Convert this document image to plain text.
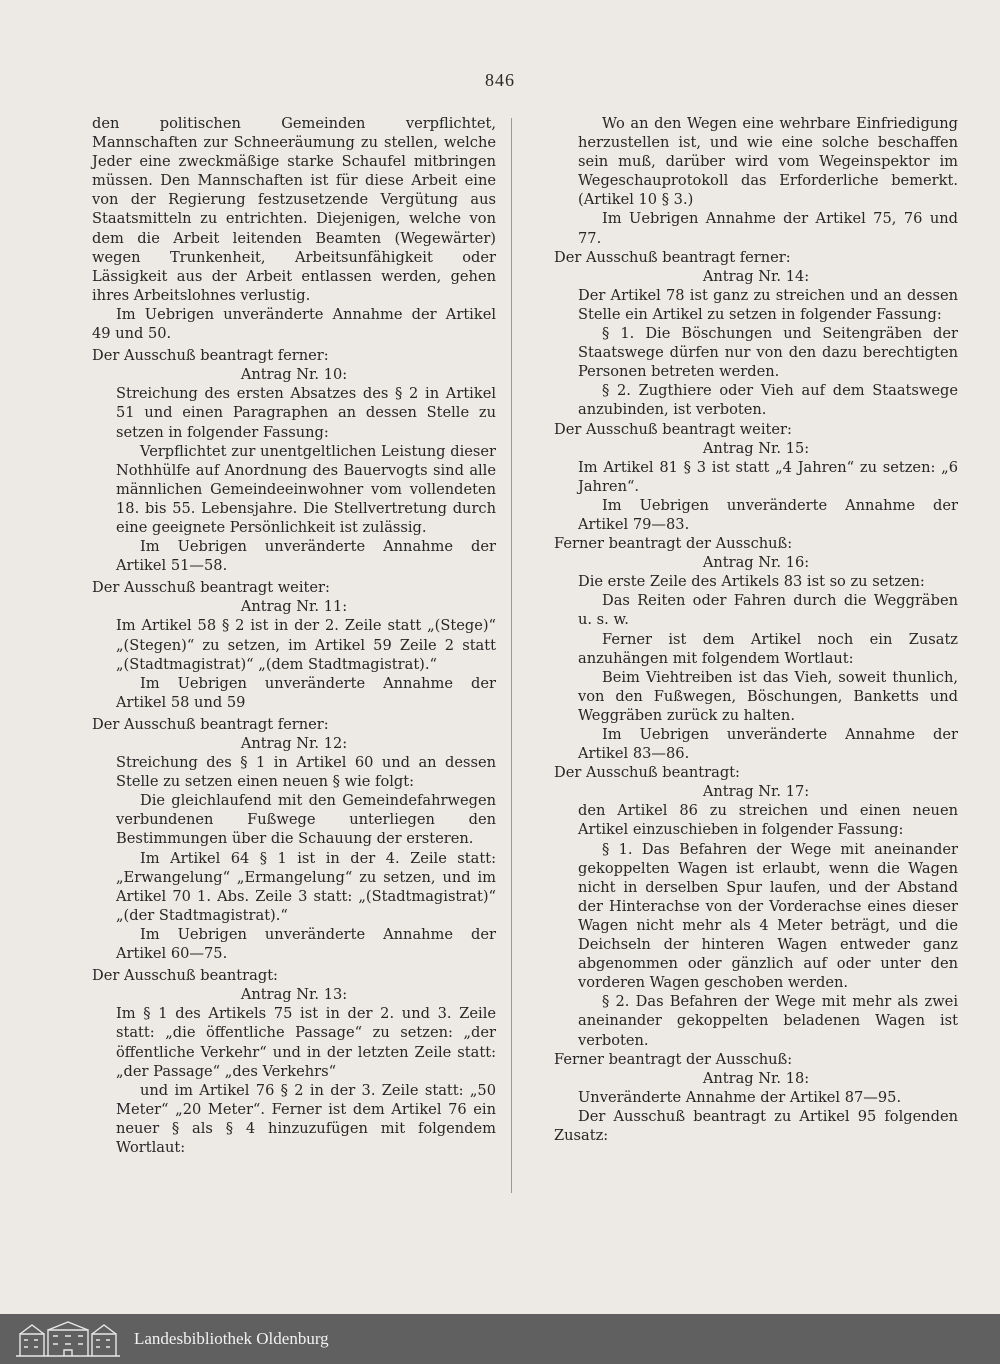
846

den politischen Gemeinden verpflichtet, Mannschaften zur Schneeräumung zu stellen, welche Jeder eine zweckmäßige starke Schaufel mitbringen müssen. Den Mannschaften ist für diese Arbeit eine von der Regierung festzusetzende Vergütung aus Staatsmitteln zu entrichten. Diejenigen, welche von dem die Arbeit leitenden Beamten (Wegewärter) wegen Trunkenheit, Arbeitsunfähigkeit oder Lässigkeit aus der Arbeit entlassen werden, gehen ihres Arbeitslohnes verlustig.

Im Uebrigen unveränderte Annahme der Artikel 49 und 50.

Der Ausschuß beantragt ferner:

Antrag Nr. 10:

Streichung des ersten Absatzes des § 2 in Artikel 51 und einen Paragraphen an dessen Stelle zu setzen in folgender Fassung:

Verpflichtet zur unentgeltlichen Leistung dieser Nothhülfe auf Anordnung des Bauervogts sind alle männlichen Gemeindeeinwohner vom vollendeten 18. bis 55. Lebensjahre. Die Stellvertretung durch eine geeignete Persönlichkeit ist zulässig.

Im Uebrigen unveränderte Annahme der Artikel 51—58.

Der Ausschuß beantragt weiter:

Antrag Nr. 11:

Im Artikel 58 § 2 ist in der 2. Zeile statt „(Stege)“ „(Stegen)“ zu setzen, im Artikel 59 Zeile 2 statt „(Stadtmagistrat)“ „(dem Stadtmagistrat).“

Im Uebrigen unveränderte Annahme der Artikel 58 und 59

Der Ausschuß beantragt ferner:

Antrag Nr. 12:

Streichung des § 1 in Artikel 60 und an dessen Stelle zu setzen einen neuen § wie folgt:

Die gleichlaufend mit den Gemeindefahrwegen verbundenen Fußwege unterliegen den Bestimmungen über die Schauung der ersteren.

Im Artikel 64 § 1 ist in der 4. Zeile statt: „Erwangelung“ „Ermangelung“ zu setzen, und im Artikel 70 1. Abs. Zeile 3 statt: „(Stadtmagistrat)“ „(der Stadtmagistrat).“

Im Uebrigen unveränderte Annahme der Artikel 60—75.

Der Ausschuß beantragt:

Antrag Nr. 13:

Im § 1 des Artikels 75 ist in der 2. und 3. Zeile statt: „die öffentliche Passage“ zu setzen: „der öffentliche Verkehr“ und in der letzten Zeile statt: „der Passage“ „des Verkehrs“

und im Artikel 76 § 2 in der 3. Zeile statt: „50 Meter“ „20 Meter“. Ferner ist dem Artikel 76 ein neuer § als § 4 hinzuzufügen mit folgendem Wortlaut:

Wo an den Wegen eine wehrbare Einfriedigung herzustellen ist, und wie eine solche beschaffen sein muß, darüber wird vom Wegeinspektor im Wegeschauprotokoll das Erforderliche bemerkt. (Artikel 10 § 3.)

Im Uebrigen Annahme der Artikel 75, 76 und 77.

Der Ausschuß beantragt ferner:

Antrag Nr. 14:

Der Artikel 78 ist ganz zu streichen und an dessen Stelle ein Artikel zu setzen in folgender Fassung:

§ 1. Die Böschungen und Seitengräben der Staatswege dürfen nur von den dazu berechtigten Personen betreten werden.

§ 2. Zugthiere oder Vieh auf dem Staatswege anzubinden, ist verboten.

Der Ausschuß beantragt weiter:

Antrag Nr. 15:

Im Artikel 81 § 3 ist statt „4 Jahren“ zu setzen: „6 Jahren“.

Im Uebrigen unveränderte Annahme der Artikel 79—83.

Ferner beantragt der Ausschuß:

Antrag Nr. 16:

Die erste Zeile des Artikels 83 ist so zu setzen:

Das Reiten oder Fahren durch die Weggräben u. s. w.

Ferner ist dem Artikel noch ein Zusatz anzuhängen mit folgendem Wortlaut:

Beim Viehtreiben ist das Vieh, soweit thunlich, von den Fußwegen, Böschungen, Banketts und Weggräben zurück zu halten.

Im Uebrigen unveränderte Annahme der Artikel 83—86.

Der Ausschuß beantragt:

Antrag Nr. 17:

den Artikel 86 zu streichen und einen neuen Artikel einzuschieben in folgender Fassung:

§ 1. Das Befahren der Wege mit aneinander gekoppelten Wagen ist erlaubt, wenn die Wagen nicht in derselben Spur laufen, und der Abstand der Hinterachse von der Vorderachse eines dieser Wagen nicht mehr als 4 Meter beträgt, und die Deichseln der hinteren Wagen entweder ganz abgenommen oder gänzlich auf oder unter den vorderen Wagen geschoben werden.

§ 2. Das Befahren der Wege mit mehr als zwei aneinander gekoppelten beladenen Wagen ist verboten.

Ferner beantragt der Ausschuß:

Antrag Nr. 18:

Unveränderte Annahme der Artikel 87—95.

Der Ausschuß beantragt zu Artikel 95 folgenden Zusatz:

Landesbibliothek Oldenburg
